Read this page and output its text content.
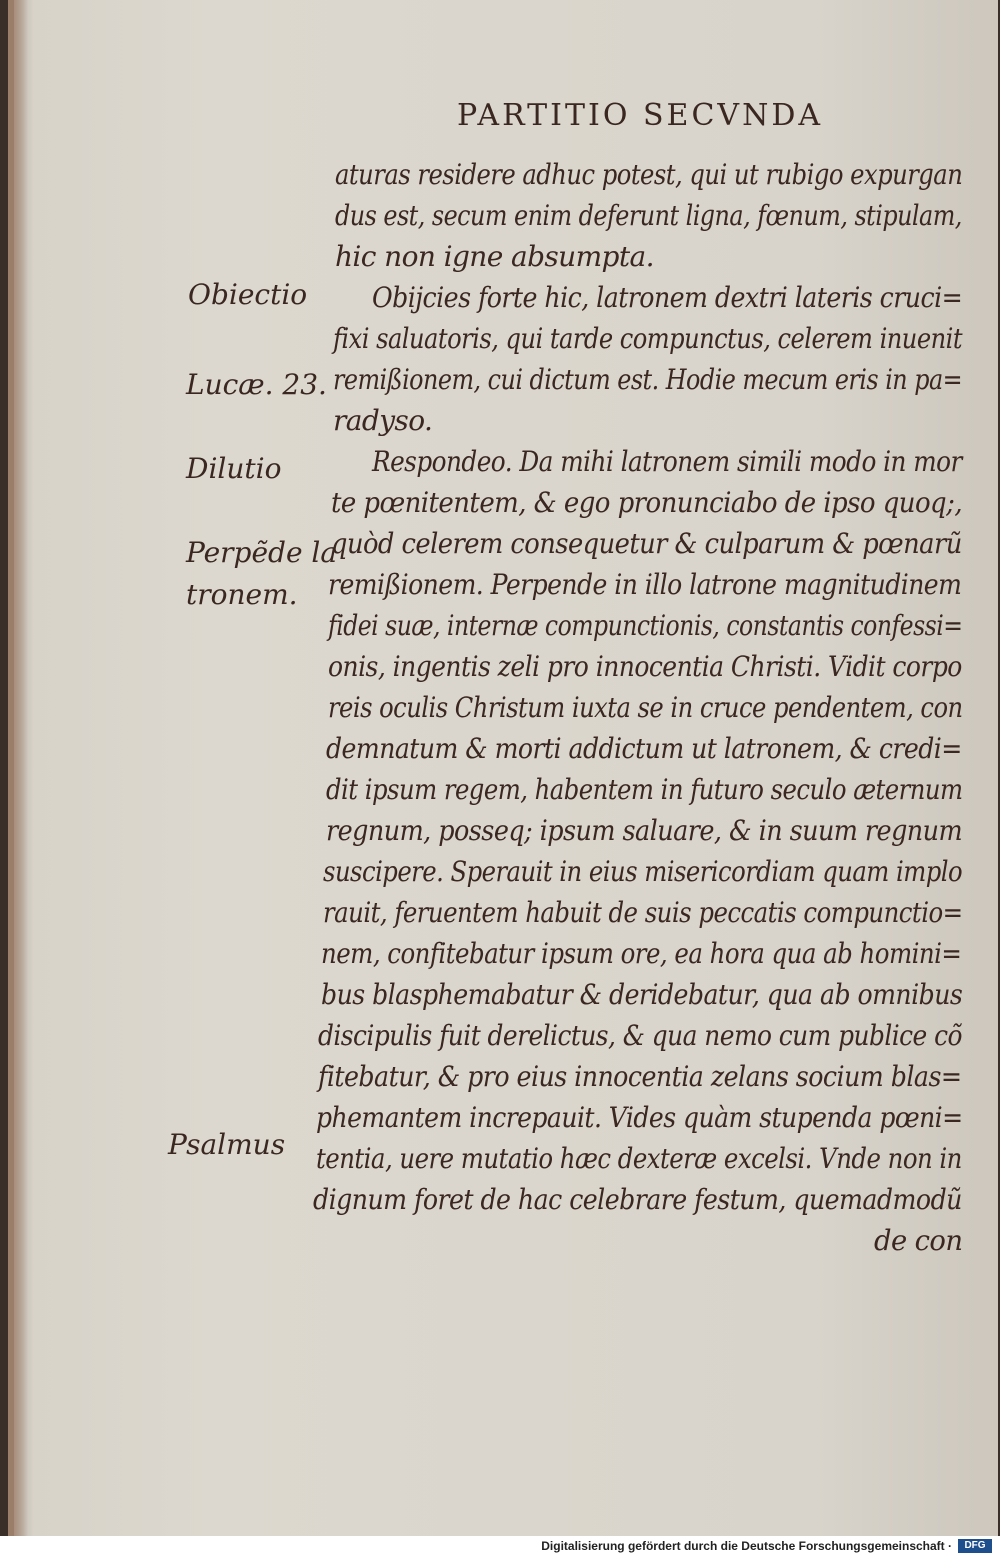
PARTITIO SECVNDA
Obiectio
Lucæ. 23.
Dilutio
Perpẽde la
tronem.
Psalmus
aturas residere adhuc potest, qui ut rubigo expurgan
dus est, secum enim deferunt ligna, fœnum, stipulam,
hic non igne absumpta.
Obijcies forte hic, latronem dextri lateris cruci=
fixi saluatoris, qui tarde compunctus, celerem inuenit
remißionem, cui dictum est. Hodie mecum eris in pa=
radyso.
Respondeo. Da mihi latronem simili modo in mor
te pœnitentem, & ego pronunciabo de ipso quoq;,
quòd celerem consequetur & culparum & pœnarũ
remißionem. Perpende in illo latrone magnitudinem
fidei suæ, internæ compunctionis, constantis confessi=
onis, ingentis zeli pro innocentia Christi. Vidit corpo
reis oculis Christum iuxta se in cruce pendentem, con
demnatum & morti addictum ut latronem, & credi=
dit ipsum regem, habentem in futuro seculo æternum
regnum, posseq; ipsum saluare, & in suum regnum
suscipere. Sperauit in eius misericordiam quam implo
rauit, feruentem habuit de suis peccatis compunctio=
nem, confitebatur ipsum ore, ea hora qua ab homini=
bus blasphemabatur & deridebatur, qua ab omnibus
discipulis fuit derelictus, & qua nemo cum publice cõ
fitebatur, & pro eius innocentia zelans socium blas=
phemantem increpauit. Vides quàm stupenda pœni=
tentia, uere mutatio hæc dexteræ excelsi. Vnde non in
dignum foret de hac celebrare festum, quemadmodũ
de con
Digitalisierung gefördert durch die Deutsche Forschungsgemeinschaft ·	DFG
